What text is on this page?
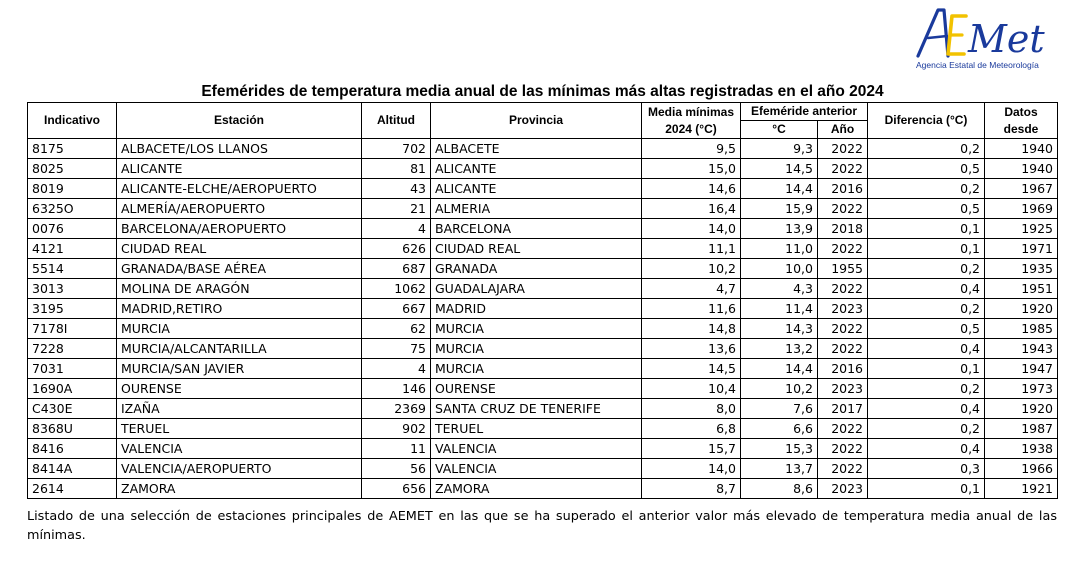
Met
Agencia Estatal de Meteorología
Efemérides de temperatura media anual de las mínimas más altas registradas en el año 2024
Indicativo	Estación	Altitud	Provincia	Media mínimas 2024 (°C)	Efeméride anterior		Diferencia (°C)	Datos desde
					°C	Año		
8175	ALBACETE/LOS LLANOS	702	ALBACETE	9,5	9,3	2022	0,2	1940
8025	ALICANTE	81	ALICANTE	15,0	14,5	2022	0,5	1940
8019	ALICANTE-ELCHE/AEROPUERTO	43	ALICANTE	14,6	14,4	2016	0,2	1967
6325O	ALMERÍA/AEROPUERTO	21	ALMERIA	16,4	15,9	2022	0,5	1969
0076	BARCELONA/AEROPUERTO	4	BARCELONA	14,0	13,9	2018	0,1	1925
4121	CIUDAD REAL	626	CIUDAD REAL	11,1	11,0	2022	0,1	1971
5514	GRANADA/BASE AÉREA	687	GRANADA	10,2	10,0	1955	0,2	1935
3013	MOLINA DE ARAGÓN	1062	GUADALAJARA	4,7	4,3	2022	0,4	1951
3195	MADRID,RETIRO	667	MADRID	11,6	11,4	2023	0,2	1920
7178I	MURCIA	62	MURCIA	14,8	14,3	2022	0,5	1985
7228	MURCIA/ALCANTARILLA	75	MURCIA	13,6	13,2	2022	0,4	1943
7031	MURCIA/SAN JAVIER	4	MURCIA	14,5	14,4	2016	0,1	1947
1690A	OURENSE	146	OURENSE	10,4	10,2	2023	0,2	1973
C430E	IZAÑA	2369	SANTA CRUZ DE TENERIFE	8,0	7,6	2017	0,4	1920
8368U	TERUEL	902	TERUEL	6,8	6,6	2022	0,2	1987
8416	VALENCIA	11	VALENCIA	15,7	15,3	2022	0,4	1938
8414A	VALENCIA/AEROPUERTO	56	VALENCIA	14,0	13,7	2022	0,3	1966
2614	ZAMORA	656	ZAMORA	8,7	8,6	2023	0,1	1921
Listado de una selección de estaciones principales de AEMET en las que se ha superado el anterior valor más elevado de temperatura media anual de las mínimas.
